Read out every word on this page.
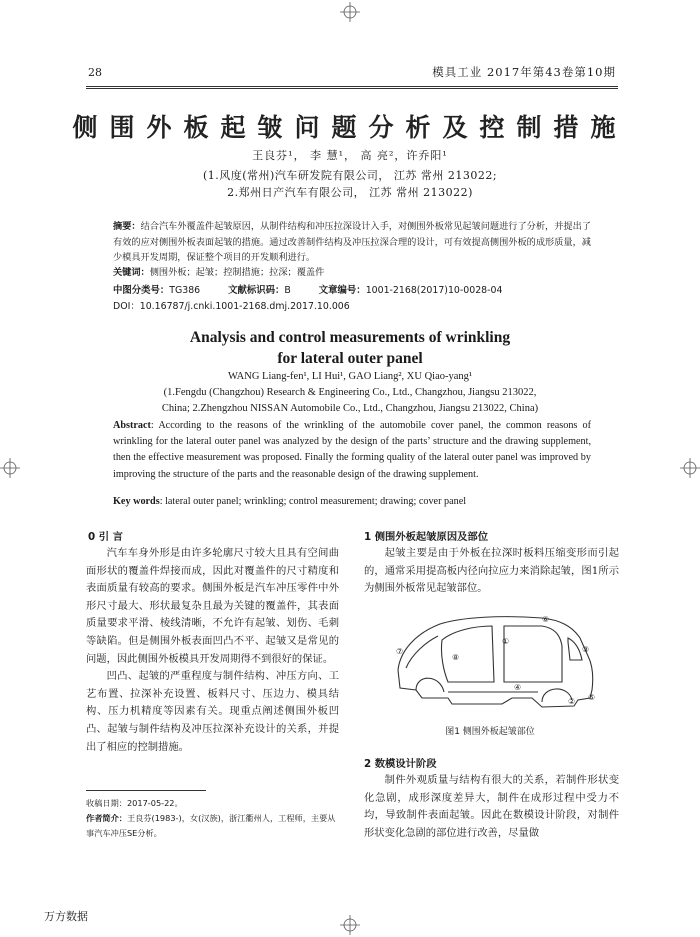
28	模具工业 2017年第43卷第10期
侧围外板起皱问题分析及控制措施
王良芬¹， 李 慧¹， 高 亮²，许乔阳¹
(1.风度(常州)汽车研发院有限公司， 江苏 常州 213022;
2.郑州日产汽车有限公司， 江苏 常州 213022)
摘要：结合汽车外覆盖件起皱原因，从制件结构和冲压拉深设计入手，对侧围外板常见起皱问题进行了分析，并提出了有效的应对侧围外板表面起皱的措施。通过改善制件结构及冲压拉深合理的设计，可有效提高侧围外板的成形质量，减少模具开发周期，保证整个项目的开发顺利进行。
关键词：侧围外板；起皱；控制措施；拉深；覆盖件
中图分类号：TG386	文献标识码：B	文章编号：1001-2168(2017)10-0028-04
DOI：10.16787/j.cnki.1001-2168.dmj.2017.10.006
Analysis and control measurements of wrinkling
for lateral outer panel
WANG Liang-fen¹, LI Hui¹, GAO Liang², XU Qiao-yang¹
(1.Fengdu (Changzhou) Research & Engineering Co., Ltd., Changzhou, Jiangsu 213022,
China; 2.Zhengzhou NISSAN Automobile Co., Ltd., Changzhou, Jiangsu 213022, China)
Abstract: According to the reasons of the wrinkling of the automobile cover panel, the common reasons of wrinkling for the lateral outer panel was analyzed by the design of the parts’ structure and the drawing supplement, then the effective measurement was proposed. Finally the forming quality of the lateral outer panel was improved by improving the structure of the parts and the reasonable design of the drawing supplement.
Key words: lateral outer panel; wrinkling; control measurement; drawing; cover panel
0 引 言

汽车车身外形是由许多轮廓尺寸较大且具有空间曲面形状的覆盖件焊接而成，因此对覆盖件的尺寸精度和表面质量有较高的要求。侧围外板是汽车冲压零件中外形尺寸最大、形状最复杂且最为关键的覆盖件，其表面质量要求平滑、棱线清晰，不允许有起皱、划伤、毛刺等缺陷。但是侧围外板表面凹凸不平、起皱又是常见的问题，因此侧围外板模具开发周期得不到很好的保证。

凹凸、起皱的严重程度与制件结构、冲压方向、工艺布置、拉深补充设置、板料尺寸、压边力、模具结构、压力机精度等因素有关。现重点阐述侧围外板凹凸、起皱与制件结构及冲压拉深补充设计的关系，并提出了相应的控制措施。

收稿日期：2017-05-22。
作者简介：王良芬(1983-)，女(汉族)，浙江衢州人，工程师，主要从事汽车冲压SE分析。
1 侧围外板起皱原因及部位

起皱主要是由于外板在拉深时板料压缩变形而引起的，通常采用提高板内径向拉应力来消除起皱，图1所示为侧围外板常见起皱部位。

①
②
③
④
⑤
⑥
⑦
⑧
图1 侧围外板起皱部位
2 数模设计阶段

制件外观质量与结构有很大的关系，若制件形状变化急剧，成形深度差异大，制件在成形过程中受力不均，导致制件表面起皱。因此在数模设计阶段，对制件形状变化急剧的部位进行改善，尽量做

万方数据
